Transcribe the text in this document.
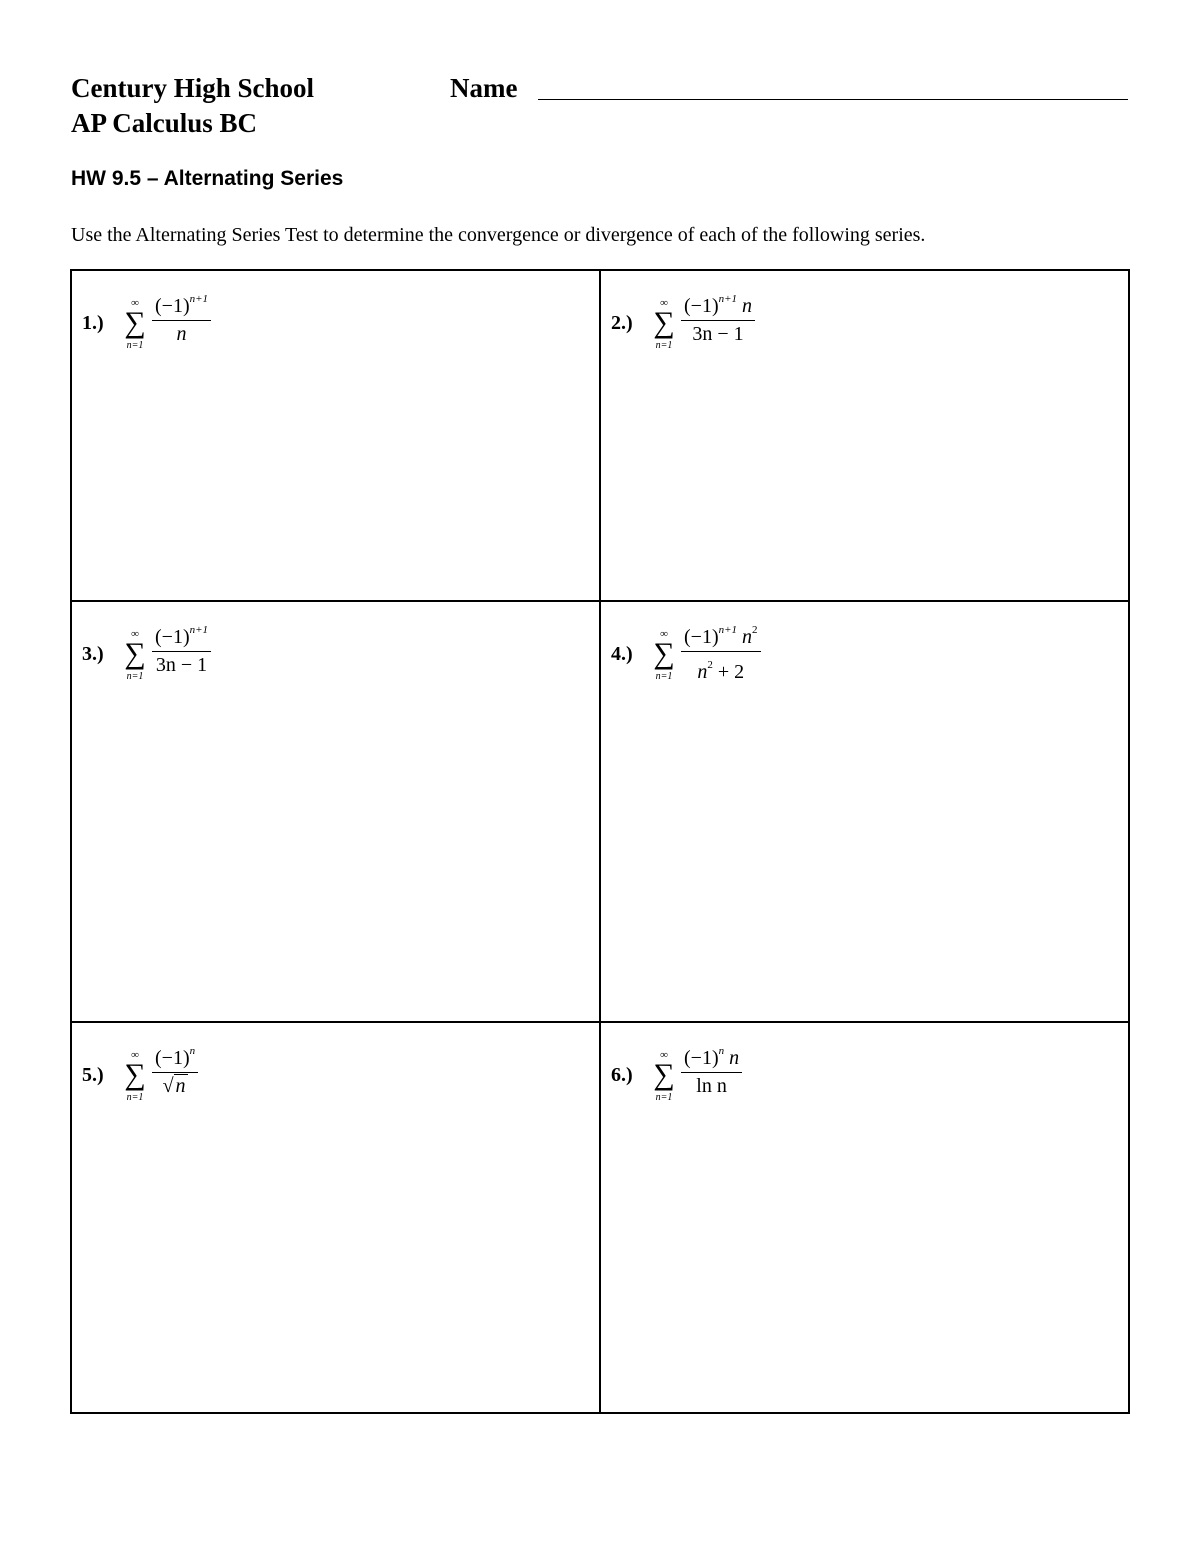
Century High School
AP Calculus BC
Name
HW 9.5 – Alternating Series
Use the Alternating Series Test to determine the convergence or divergence of each of the following series.
1.)
∞
∑
n=1
$(-1)^{n+1}$
n	2.)
∞
∑
n=1
$(-1)^{n+1}$ n
3n − 1
3.)
∞
∑
n=1
$(-1)^{n+1}$
3n − 1	4.)
∞
∑
n=1
$(-1)^{n+1}$ $n^2$
$n^2 + 2$
5.)
∞
∑
n=1
$(-1)^n$
√ n	6.)
∞
∑
n=1
$(-1)^n$ n
ln n
